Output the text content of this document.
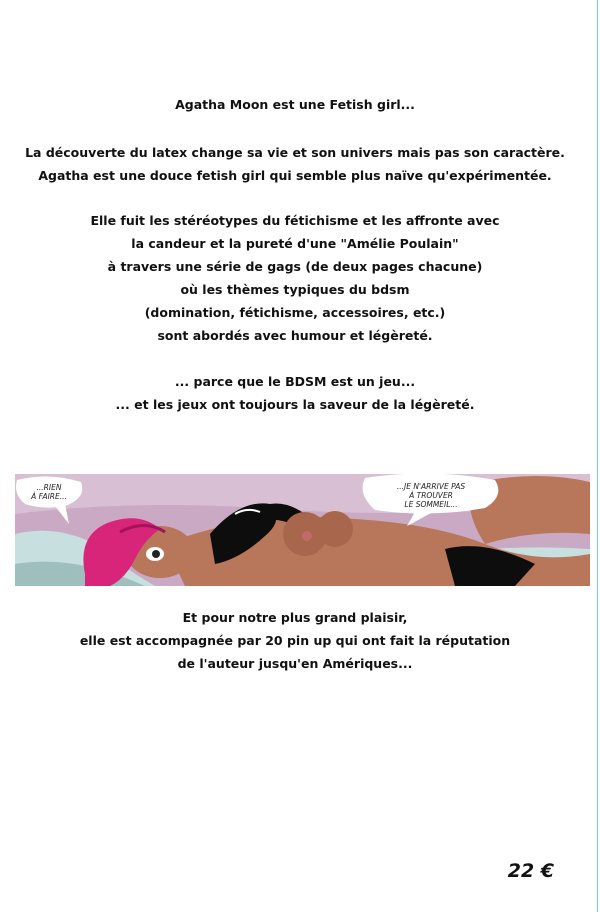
Agatha Moon est une Fetish girl...

La découverte du latex change sa vie et son univers mais pas son caractère.
Agatha est une douce fetish girl qui semble plus naïve qu'expérimentée.

Elle fuit les stéréotypes du fétichisme et les affronte avec
la candeur et la pureté d'une "Amélie Poulain"
à travers une série de gags (de deux pages chacune)
où les thèmes typiques du bdsm
(domination, fétichisme, accessoires, etc.)
sont abordés avec humour et légèreté.

... parce que le BDSM est un jeu...
... et les jeux ont toujours la saveur de la légèreté.

...RIEN
À FAIRE...

...JE N'ARRIVE PAS
À TROUVER
LE SOMMEIL...

Et pour notre plus grand plaisir,
elle est accompagnée par 20 pin up qui ont fait la réputation
de l'auteur jusqu'en Amériques...

22 €
